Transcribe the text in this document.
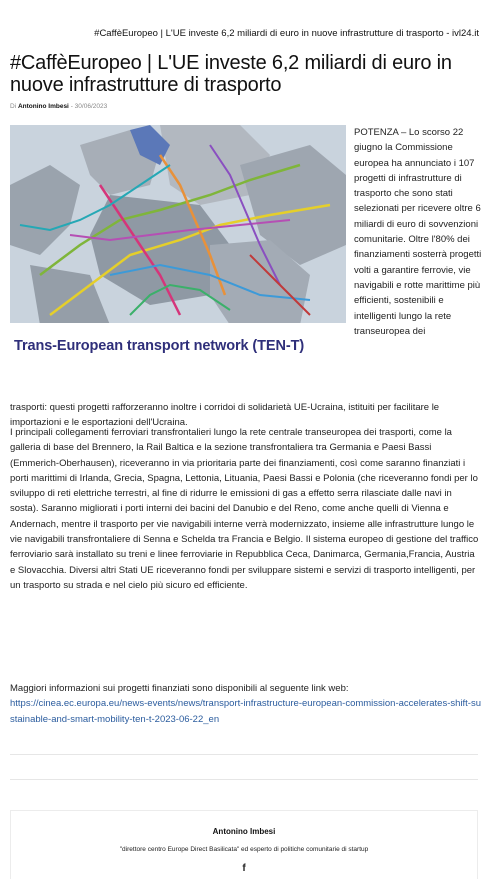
#CaffèEuropeo | L'UE investe 6,2 miliardi di euro in nuove infrastrutture di trasporto - ivl24.it
#CaffèEuropeo | L'UE investe 6,2 miliardi di euro in nuove infrastrutture di trasporto
Di Antonino Imbesi - 30/06/2023
Trans-European transport network (TEN-T)
POTENZA – Lo scorso 22 giugno la Commissione europea ha annunciato i 107 progetti di infrastrutture di trasporto che sono stati selezionati per ricevere oltre 6 miliardi di euro di sovvenzioni comunitarie. Oltre l'80% dei finanziamenti sosterrà progetti volti a garantire ferrovie, vie navigabili e rotte marittime più efficienti, sostenibili e intelligenti lungo la rete transeuropea dei

trasporti: questi progetti rafforzeranno inoltre i corridoi di solidarietà UE-Ucraina, istituiti per facilitare le importazioni e le esportazioni dell'Ucraina.

I principali collegamenti ferroviari transfrontalieri lungo la rete centrale transeuropea dei trasporti, come la galleria di base del Brennero, la Rail Baltica e la sezione transfrontaliera tra Germania e Paesi Bassi (Emmerich-Oberhausen), riceveranno in via prioritaria parte dei finanziamenti, così come saranno finanziati i porti marittimi di Irlanda, Grecia, Spagna, Lettonia, Lituania, Paesi Bassi e Polonia (che riceveranno fondi per lo sviluppo di reti elettriche terrestri, al fine di ridurre le emissioni di gas a effetto serra rilasciate dalle navi in sosta). Saranno migliorati i porti interni dei bacini del Danubio e del Reno, come anche quelli di Vienna e Andernach, mentre il trasporto per vie navigabili interne verrà modernizzato, insieme alle infrastrutture lungo le vie navigabili transfrontaliere di Senna e Schelda tra Francia e Belgio. Il sistema europeo di gestione del traffico ferroviario sarà installato su treni e linee ferroviarie in Repubblica Ceca, Danimarca, Germania,Francia, Austria e Slovacchia. Diversi altri Stati UE riceveranno fondi per sviluppare sistemi e servizi di trasporto intelligenti, per un trasporto su strada e nel cielo più sicuro ed efficiente.

Maggiori informazioni sui progetti finanziati sono disponibili al seguente link web:
https://cinea.ec.europa.eu/news-events/news/transport-infrastructure-european-commission-accelerates-shift-sustainable-and-smart-mobility-ten-t-2023-06-22_en
Antonino Imbesi
"direttore centro Europe Direct Basilicata" ed esperto di politiche comunitarie di startup
f
